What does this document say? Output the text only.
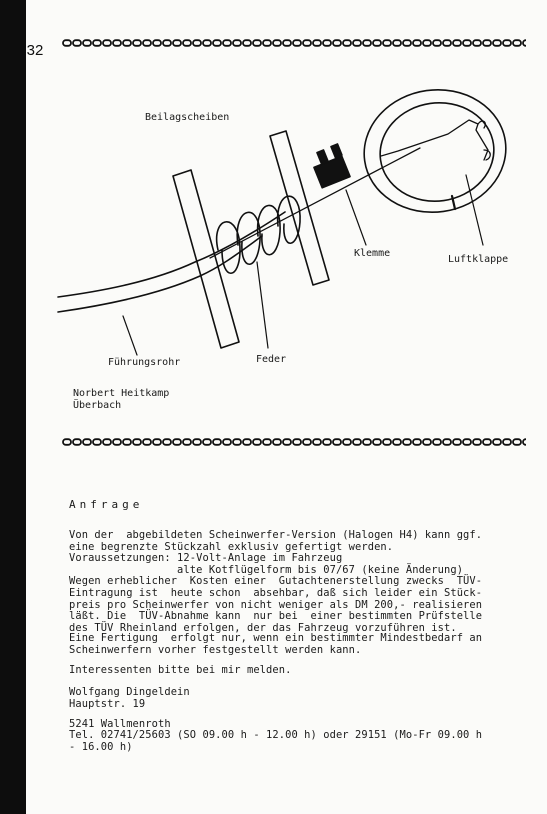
32
Beilagscheiben
Klemme
Luftklappe
Führungsrohr	Feder
Norbert Heitkamp
Überbach
Anfrage
Von der  abgebildeten Scheinwerfer-Version (Halogen H4) kann ggf.
eine begrenzte Stückzahl exklusiv gefertigt werden.
Voraussetzungen: 12-Volt-Anlage im Fahrzeug
alte Kotflügelform bis 07/67 (keine Änderung)
Wegen erheblicher  Kosten einer  Gutachtenerstellung zwecks  TÜV-
Eintragung ist  heute schon  absehbar, daß sich leider ein Stück-
preis pro Scheinwerfer von nicht weniger als DM 200,- realisieren
läßt. Die  TÜV-Abnahme kann  nur bei  einer bestimmten Prüfstelle
des TÜV Rheinland erfolgen, der das Fahrzeug vorzuführen ist.
Eine Fertigung  erfolgt nur, wenn ein bestimmter Mindestbedarf an
Scheinwerfern vorher festgestellt werden kann.
Interessenten bitte bei mir melden.
Wolfgang Dingeldein
Hauptstr. 19
5241 Wallmenroth
Tel. 02741/25603 (SO 09.00 h - 12.00 h) oder 29151 (Mo-Fr 09.00 h
- 16.00 h)
